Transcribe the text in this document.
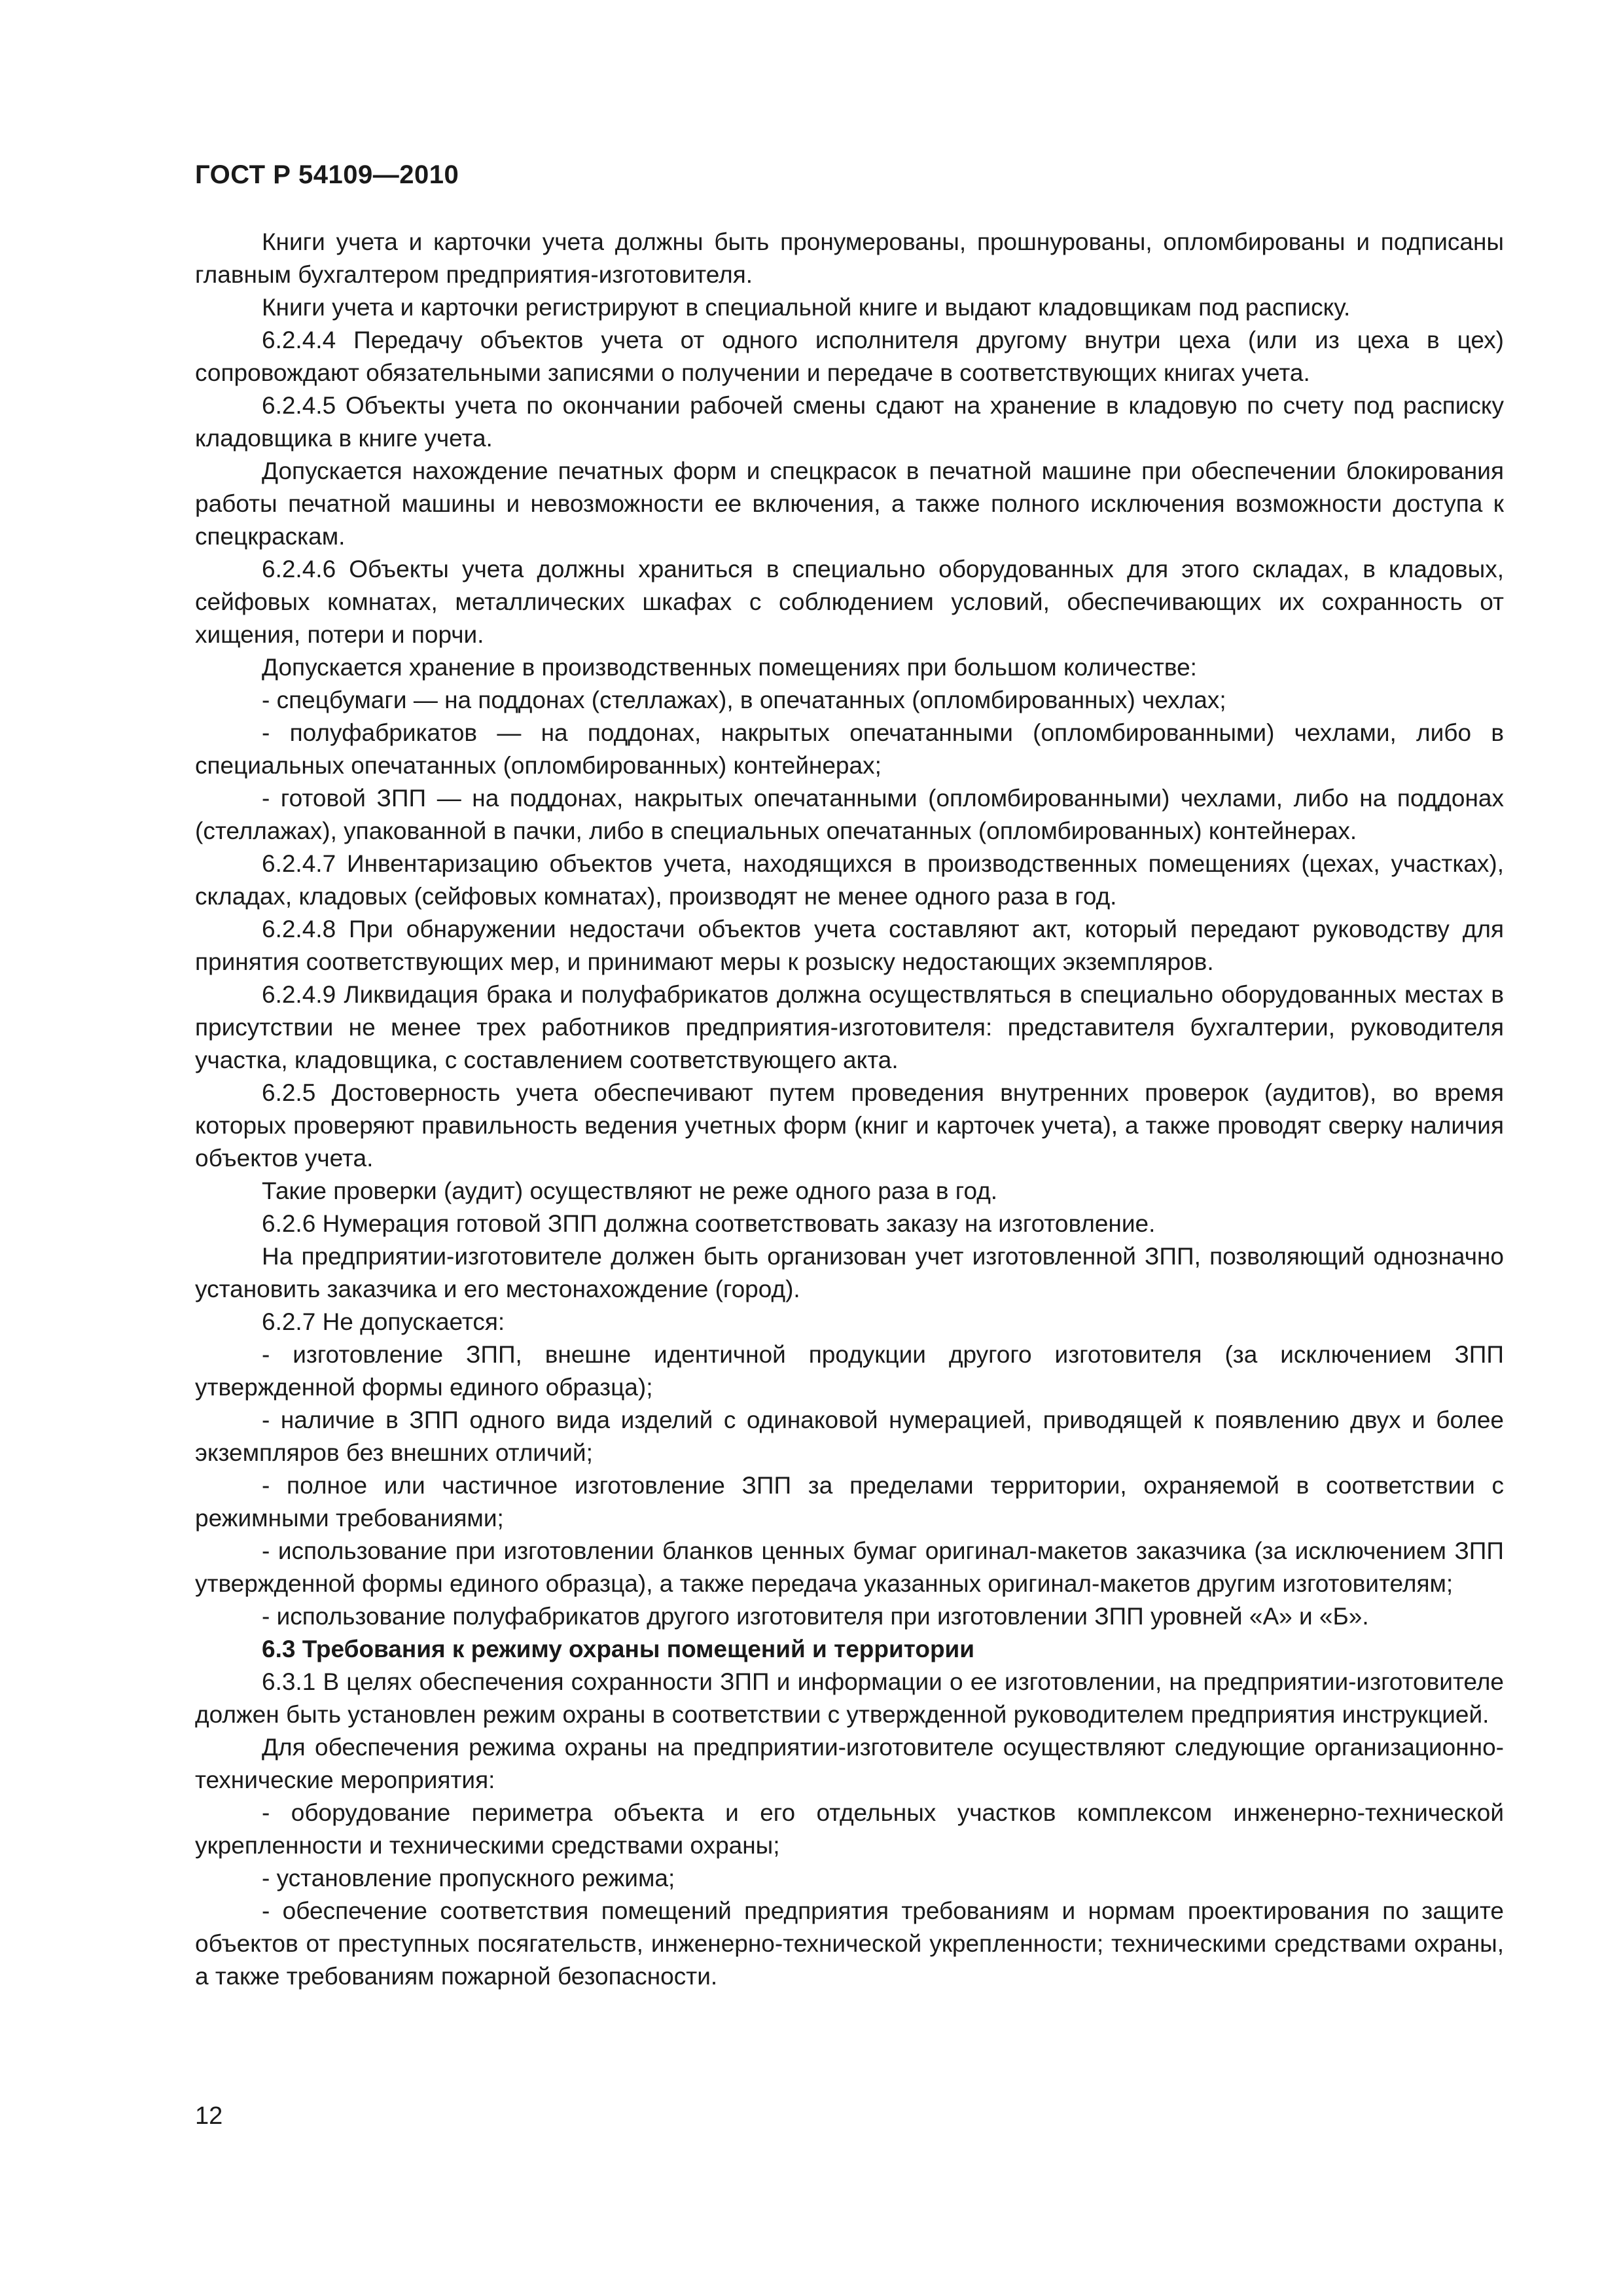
ГОСТ Р 54109—2010

Книги учета и карточки учета должны быть пронумерованы, прошнурованы, опломбированы и подписаны главным бухгалтером предприятия-изготовителя.

Книги учета и карточки регистрируют в специальной книге и выдают кладовщикам под расписку.

6.2.4.4 Передачу объектов учета от одного исполнителя другому внутри цеха (или из цеха в цех) сопровождают обязательными записями о получении и передаче в соответствующих книгах учета.

6.2.4.5 Объекты учета по окончании рабочей смены сдают на хранение в кладовую по счету под расписку кладовщика в книге учета.

Допускается нахождение печатных форм и спецкрасок в печатной машине при обеспечении блокирования работы печатной машины и невозможности ее включения, а также полного исключения возможности доступа к спецкраскам.

6.2.4.6 Объекты учета должны храниться в специально оборудованных для этого складах, в кладовых, сейфовых комнатах, металлических шкафах с соблюдением условий, обеспечивающих их сохранность от хищения, потери и порчи.

Допускается хранение в производственных помещениях при большом количестве:

- спецбумаги — на поддонах (стеллажах), в опечатанных (опломбированных) чехлах;

- полуфабрикатов — на поддонах, накрытых опечатанными (опломбированными) чехлами, либо в специальных опечатанных (опломбированных) контейнерах;

- готовой ЗПП — на поддонах, накрытых опечатанными (опломбированными) чехлами, либо на поддонах (стеллажах), упакованной в пачки, либо в специальных опечатанных (опломбированных) контейнерах.

6.2.4.7 Инвентаризацию объектов учета, находящихся в производственных помещениях (цехах, участках), складах, кладовых (сейфовых комнатах), производят не менее одного раза в год.

6.2.4.8 При обнаружении недостачи объектов учета составляют акт, который передают руководству для принятия соответствующих мер, и принимают меры к розыску недостающих экземпляров.

6.2.4.9 Ликвидация брака и полуфабрикатов должна осуществляться в специально оборудованных местах в присутствии не менее трех работников предприятия-изготовителя: представителя бухгалтерии, руководителя участка, кладовщика, с составлением соответствующего акта.

6.2.5 Достоверность учета обеспечивают путем проведения внутренних проверок (аудитов), во время которых проверяют правильность ведения учетных форм (книг и карточек учета), а также проводят сверку наличия объектов учета.

Такие проверки (аудит) осуществляют не реже одного раза в год.

6.2.6 Нумерация готовой ЗПП должна соответствовать заказу на изготовление.

На предприятии-изготовителе должен быть организован учет изготовленной ЗПП, позволяющий однозначно установить заказчика и его местонахождение (город).

6.2.7 Не допускается:

- изготовление ЗПП, внешне идентичной продукции другого изготовителя (за исключением ЗПП утвержденной формы единого образца);

- наличие в ЗПП одного вида изделий с одинаковой нумерацией, приводящей к появлению двух и более экземпляров без внешних отличий;

- полное или частичное изготовление ЗПП за пределами территории, охраняемой в соответствии с режимными требованиями;

- использование при изготовлении бланков ценных бумаг оригинал-макетов заказчика (за исключением ЗПП утвержденной формы единого образца), а также передача указанных оригинал-макетов другим изготовителям;

- использование полуфабрикатов другого изготовителя при изготовлении ЗПП уровней «А» и «Б».

6.3 Требования к режиму охраны помещений и территории

6.3.1 В целях обеспечения сохранности ЗПП и информации о ее изготовлении, на предприятии-изготовителе должен быть установлен режим охраны в соответствии с утвержденной руководителем предприятия инструкцией.

Для обеспечения режима охраны на предприятии-изготовителе осуществляют следующие организационно-технические мероприятия:

- оборудование периметра объекта и его отдельных участков комплексом инженерно-технической укрепленности и техническими средствами охраны;

- установление пропускного режима;

- обеспечение соответствия помещений предприятия требованиям и нормам проектирования по защите объектов от преступных посягательств, инженерно-технической укрепленности; техническими средствами охраны, а также требованиям пожарной безопасности.

12
